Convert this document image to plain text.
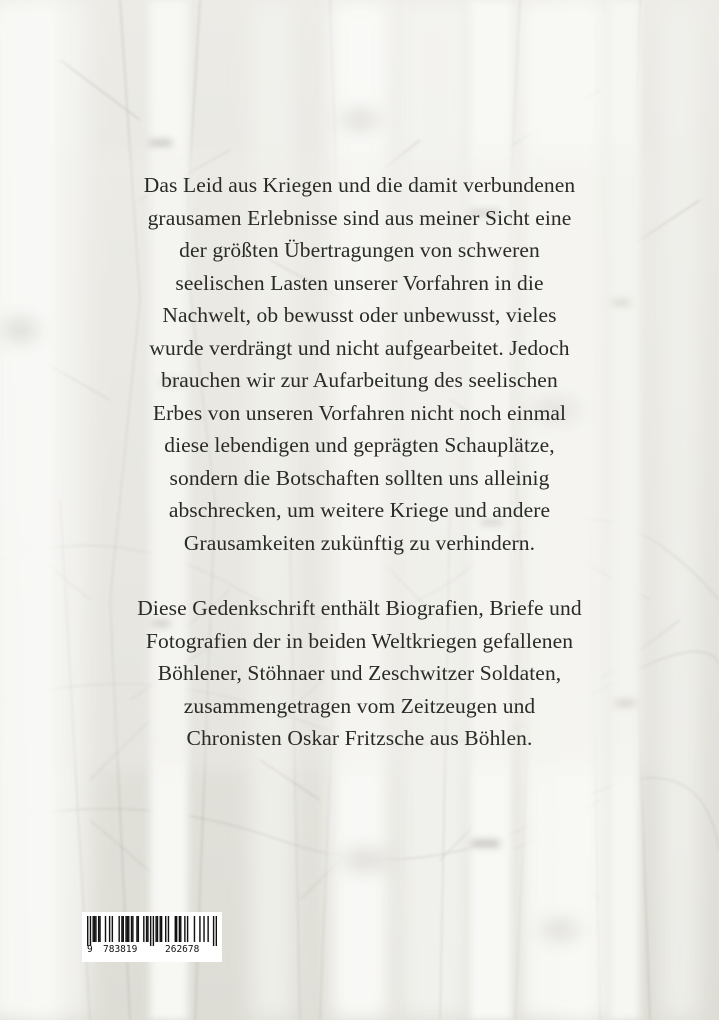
Das Leid aus Kriegen und die damit verbundenen
grausamen Erlebnisse sind aus meiner Sicht eine
der größten Übertragungen von schweren
seelischen Lasten unserer Vorfahren in die
Nachwelt, ob bewusst oder unbewusst, vieles
wurde verdrängt und nicht aufgearbeitet. Jedoch
brauchen wir zur Aufarbeitung des seelischen
Erbes von unseren Vorfahren nicht noch einmal
diese lebendigen und geprägten Schauplätze,
sondern die Botschaften sollten uns alleinig
abschrecken, um weitere Kriege und andere
Grausamkeiten zukünftig zu verhindern.
Diese Gedenkschrift enthält Biografien, Briefe und
Fotografien der in beiden Weltkriegen gefallenen
Böhlener, Stöhnaer und Zeschwitzer Soldaten,
zusammengetragen vom Zeitzeugen und
Chronisten Oskar Fritzsche aus Böhlen.
9 783819	262678
